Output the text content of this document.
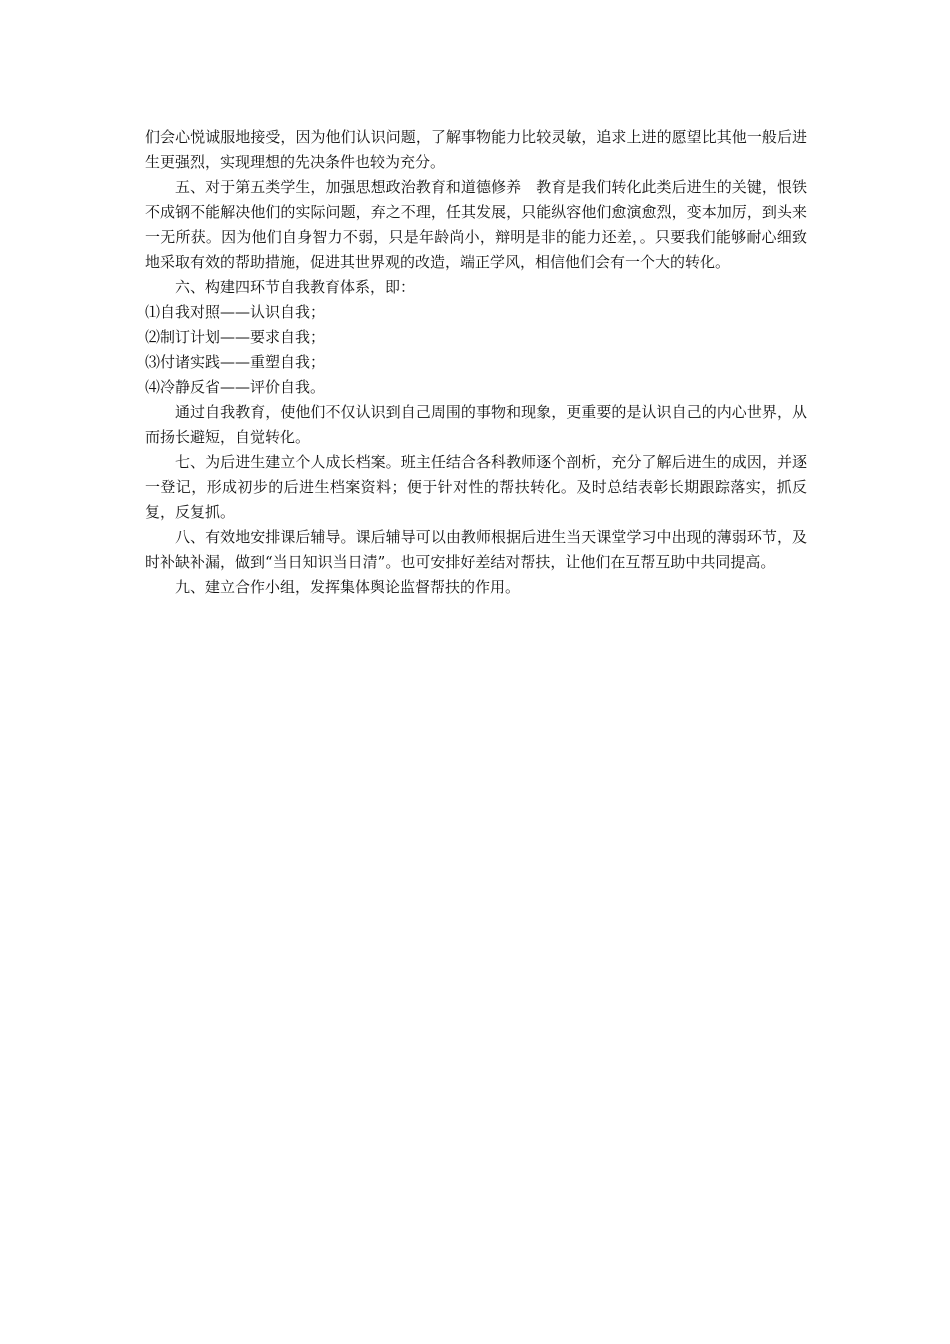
们会心悦诚服地接受，因为他们认识问题，了解事物能力比较灵敏，追求上进的愿望比其他一般后进生更强烈，实现理想的先决条件也较为充分。

五、对于第五类学生，加强思想政治教育和道德修养　教育是我们转化此类后进生的关键，恨铁不成钢不能解决他们的实际问题，弃之不理，任其发展，只能纵容他们愈演愈烈，变本加厉，到头来一无所获。因为他们自身智力不弱，只是年龄尚小，辩明是非的能力还差，。只要我们能够耐心细致地采取有效的帮助措施，促进其世界观的改造，端正学风，相信他们会有一个大的转化。

六、构建四环节自我教育体系，即：

⑴自我对照——认识自我；

⑵制订计划——要求自我；

⑶付诸实践——重塑自我；

⑷冷静反省——评价自我。

通过自我教育，使他们不仅认识到自己周围的事物和现象，更重要的是认识自己的内心世界，从而扬长避短，自觉转化。

七、为后进生建立个人成长档案。班主任结合各科教师逐个剖析，充分了解后进生的成因，并逐一登记，形成初步的后进生档案资料；便于针对性的帮扶转化。及时总结表彰长期跟踪落实，抓反复，反复抓。

八、有效地安排课后辅导。课后辅导可以由教师根据后进生当天课堂学习中出现的薄弱环节，及时补缺补漏，做到“当日知识当日清”。也可安排好差结对帮扶，让他们在互帮互助中共同提高。

九、建立合作小组，发挥集体舆论监督帮扶的作用。
